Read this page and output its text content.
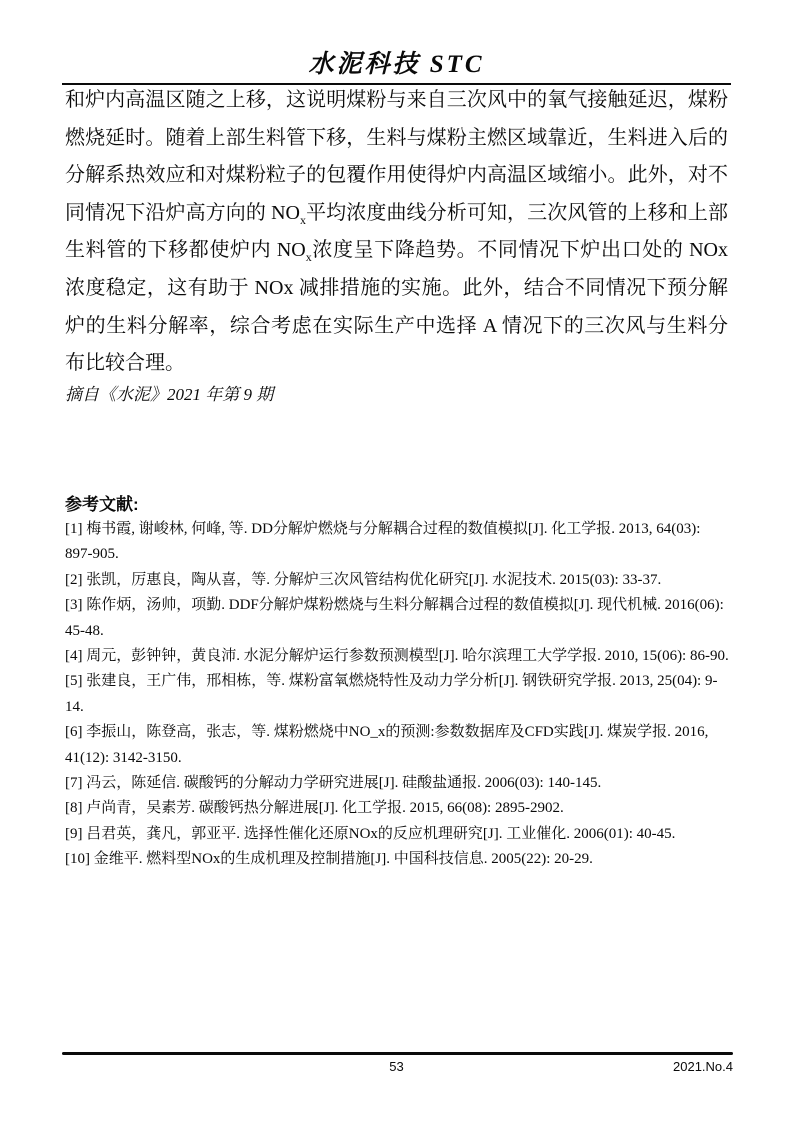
水泥科技 STC

和炉内高温区随之上移，这说明煤粉与来自三次风中的氧气接触延迟，煤粉燃烧延时。随着上部生料管下移，生料与煤粉主燃区域靠近，生料进入后的分解系热效应和对煤粉粒子的包覆作用使得炉内高温区域缩小。此外，对不同情况下沿炉高方向的 $NO_x$平均浓度曲线分析可知，三次风管的上移和上部生料管的下移都使炉内 $NO_x$浓度呈下降趋势。不同情况下炉出口处的 NOx 浓度稳定，这有助于 NOx 减排措施的实施。此外，结合不同情况下预分解炉的生料分解率，综合考虑在实际生产中选择 A 情况下的三次风与生料分布比较合理。

摘自《水泥》2021 年第 9 期

参考文献:

[1] 梅书霞, 谢峻林, 何峰, 等. DD分解炉燃烧与分解耦合过程的数值模拟[J]. 化工学报. 2013, 64(03): 897-905.

[2] 张凯，厉惠良，陶从喜，等. 分解炉三次风管结构优化研究[J]. 水泥技术. 2015(03): 33-37.

[3] 陈作炳，汤帅，项勤. DDF分解炉煤粉燃烧与生料分解耦合过程的数值模拟[J]. 现代机械. 2016(06): 45-48.

[4] 周元，彭钟钟，黄良沛. 水泥分解炉运行参数预测模型[J]. 哈尔滨理工大学学报. 2010, 15(06): 86-90.

[5] 张建良，王广伟，邢相栋，等. 煤粉富氧燃烧特性及动力学分析[J]. 钢铁研究学报. 2013, 25(04): 9-14.

[6] 李振山，陈登高，张志，等. 煤粉燃烧中NO_x的预测:参数数据库及CFD实践[J]. 煤炭学报. 2016, 41(12): 3142-3150.

[7] 冯云，陈延信. 碳酸钙的分解动力学研究进展[J]. 硅酸盐通报. 2006(03): 140-145.

[8] 卢尚青，吴素芳. 碳酸钙热分解进展[J]. 化工学报. 2015, 66(08): 2895-2902.

[9] 吕君英，龚凡，郭亚平. 选择性催化还原NOx的反应机理研究[J]. 工业催化. 2006(01): 40-45.

[10] 金维平. 燃料型NOx的生成机理及控制措施[J]. 中国科技信息. 2005(22): 20-29.

53	2021.No.4
